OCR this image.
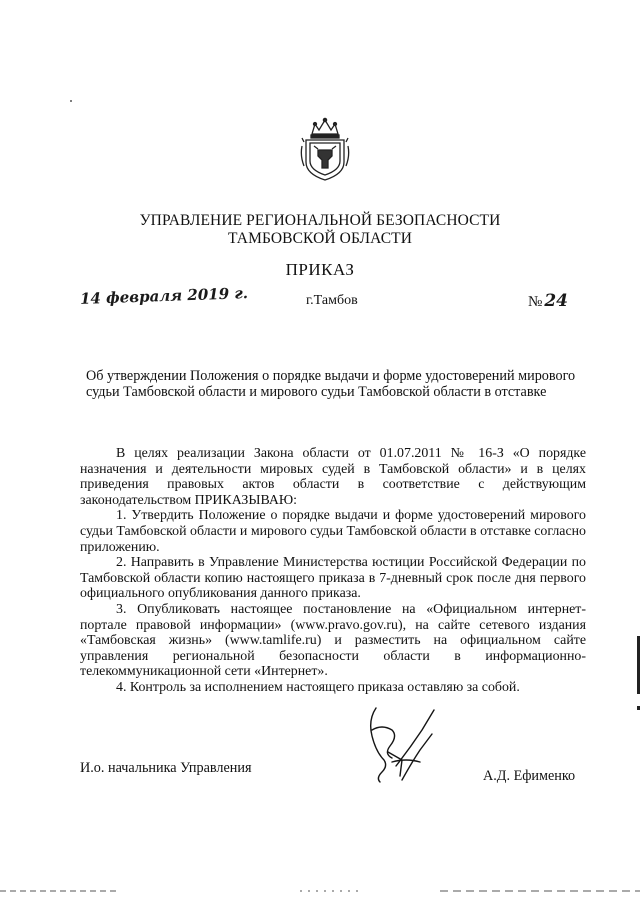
УПРАВЛЕНИЕ РЕГИОНАЛЬНОЙ БЕЗОПАСНОСТИ
ТАМБОВСКОЙ ОБЛАСТИ
ПРИКАЗ
14 февраля 2019 г.	г.Тамбов	№ 24
Об утверждении Положения о порядке выдачи и форме удостоверений мирового судьи Тамбовской области и мирового судьи Тамбовской области в отставке

В целях реализации Закона области от 01.07.2011 № 16-З «О порядке назначения и деятельности мировых судей в Тамбовской области» и в целях приведения правовых актов области в соответствие с действующим законодательством ПРИКАЗЫВАЮ:

1. Утвердить Положение о порядке выдачи и форме удостоверений мирового судьи Тамбовской области и мирового судьи Тамбовской области в отставке согласно приложению.

2. Направить в Управление Министерства юстиции Российской Федерации по Тамбовской области копию настоящего приказа в 7-дневный срок после дня первого официального опубликования данного приказа.

3. Опубликовать настоящее постановление на «Официальном интернет-портале правовой информации» (www.pravo.gov.ru), на сайте сетевого издания «Тамбовская жизнь» (www.tamlife.ru) и разместить на официальном сайте управления региональной безопасности области в информационно-телекоммуникационной сети «Интернет».

4. Контроль за исполнением настоящего приказа оставляю за собой.

И.о. начальника Управления	А.Д. Ефименко
